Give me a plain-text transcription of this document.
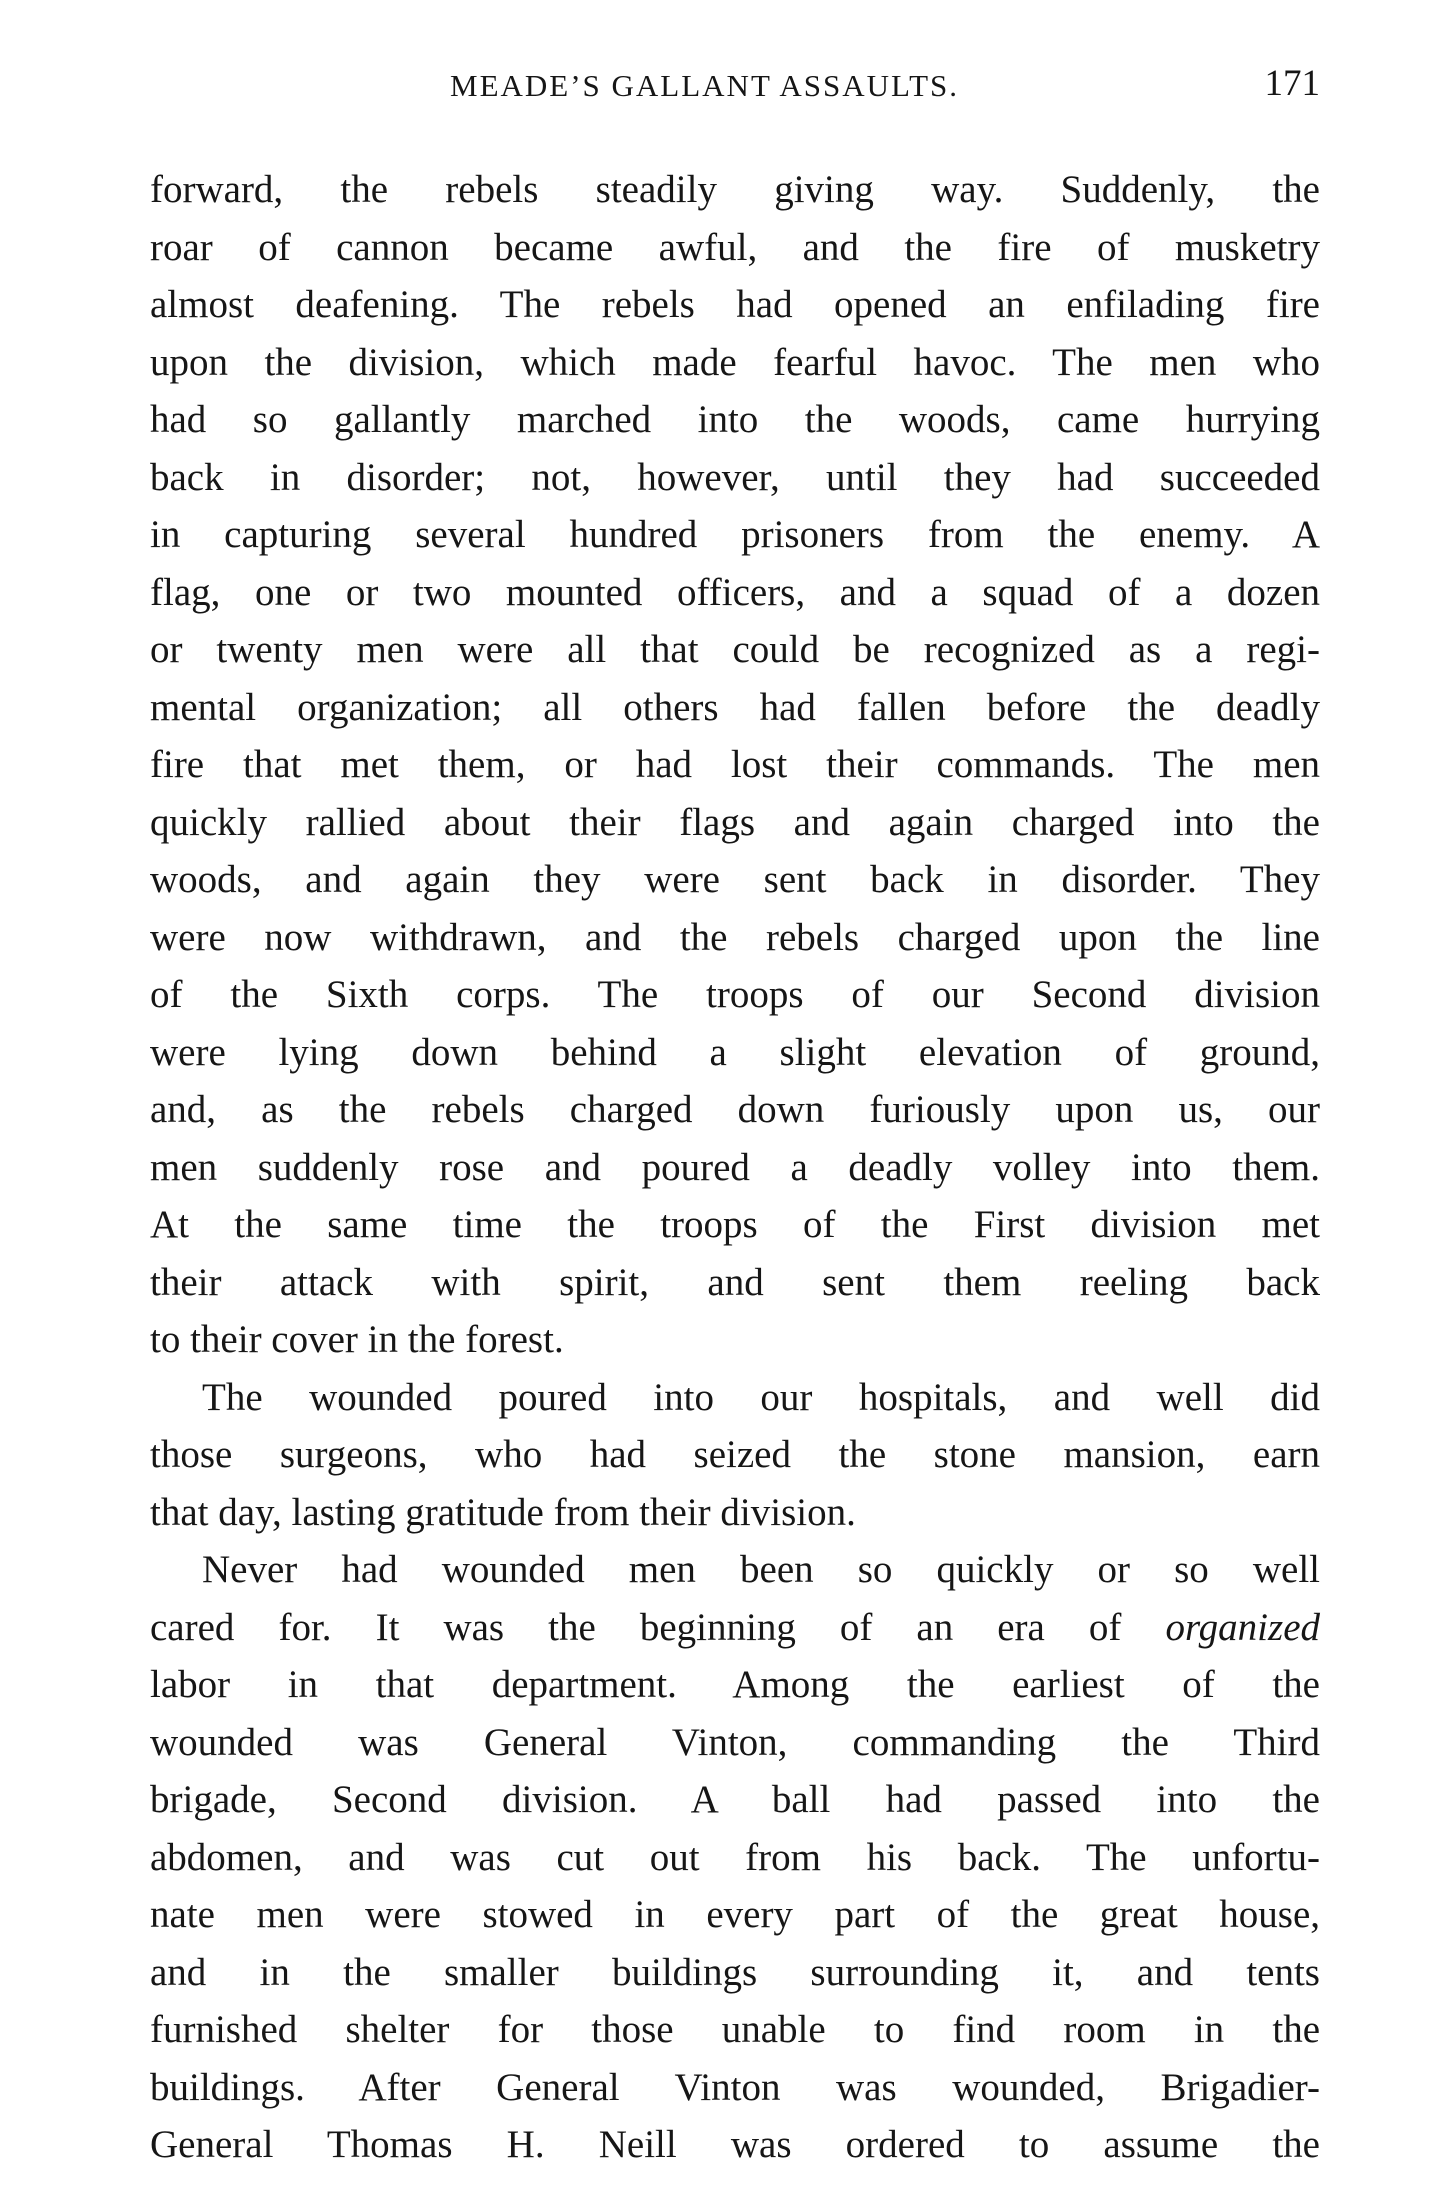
MEADE’S GALLANT ASSAULTS.	171
forward, the rebels steadily giving way. Suddenly, the
roar of cannon became awful, and the fire of musketry
almost deafening. The rebels had opened an enfilading fire
upon the division, which made fearful havoc. The men who
had so gallantly marched into the woods, came hurrying
back in disorder; not, however, until they had succeeded
in capturing several hundred prisoners from the enemy. A
flag, one or two mounted officers, and a squad of a dozen
or twenty men were all that could be recognized as a regi-
mental organization; all others had fallen before the deadly
fire that met them, or had lost their commands. The men
quickly rallied about their flags and again charged into the
woods, and again they were sent back in disorder. They
were now withdrawn, and the rebels charged upon the line
of the Sixth corps. The troops of our Second division
were lying down behind a slight elevation of ground,
and, as the rebels charged down furiously upon us, our
men suddenly rose and poured a deadly volley into them.
At the same time the troops of the First division met
their attack with spirit, and sent them reeling back
to their cover in the forest.
The wounded poured into our hospitals, and well did
those surgeons, who had seized the stone mansion, earn
that day, lasting gratitude from their division.
Never had wounded men been so quickly or so well
cared for. It was the beginning of an era of organized
labor in that department. Among the earliest of the
wounded was General Vinton, commanding the Third
brigade, Second division. A ball had passed into the
abdomen, and was cut out from his back. The unfortu-
nate men were stowed in every part of the great house,
and in the smaller buildings surrounding it, and tents
furnished shelter for those unable to find room in the
buildings. After General Vinton was wounded, Brigadier-
General Thomas H. Neill was ordered to assume the
